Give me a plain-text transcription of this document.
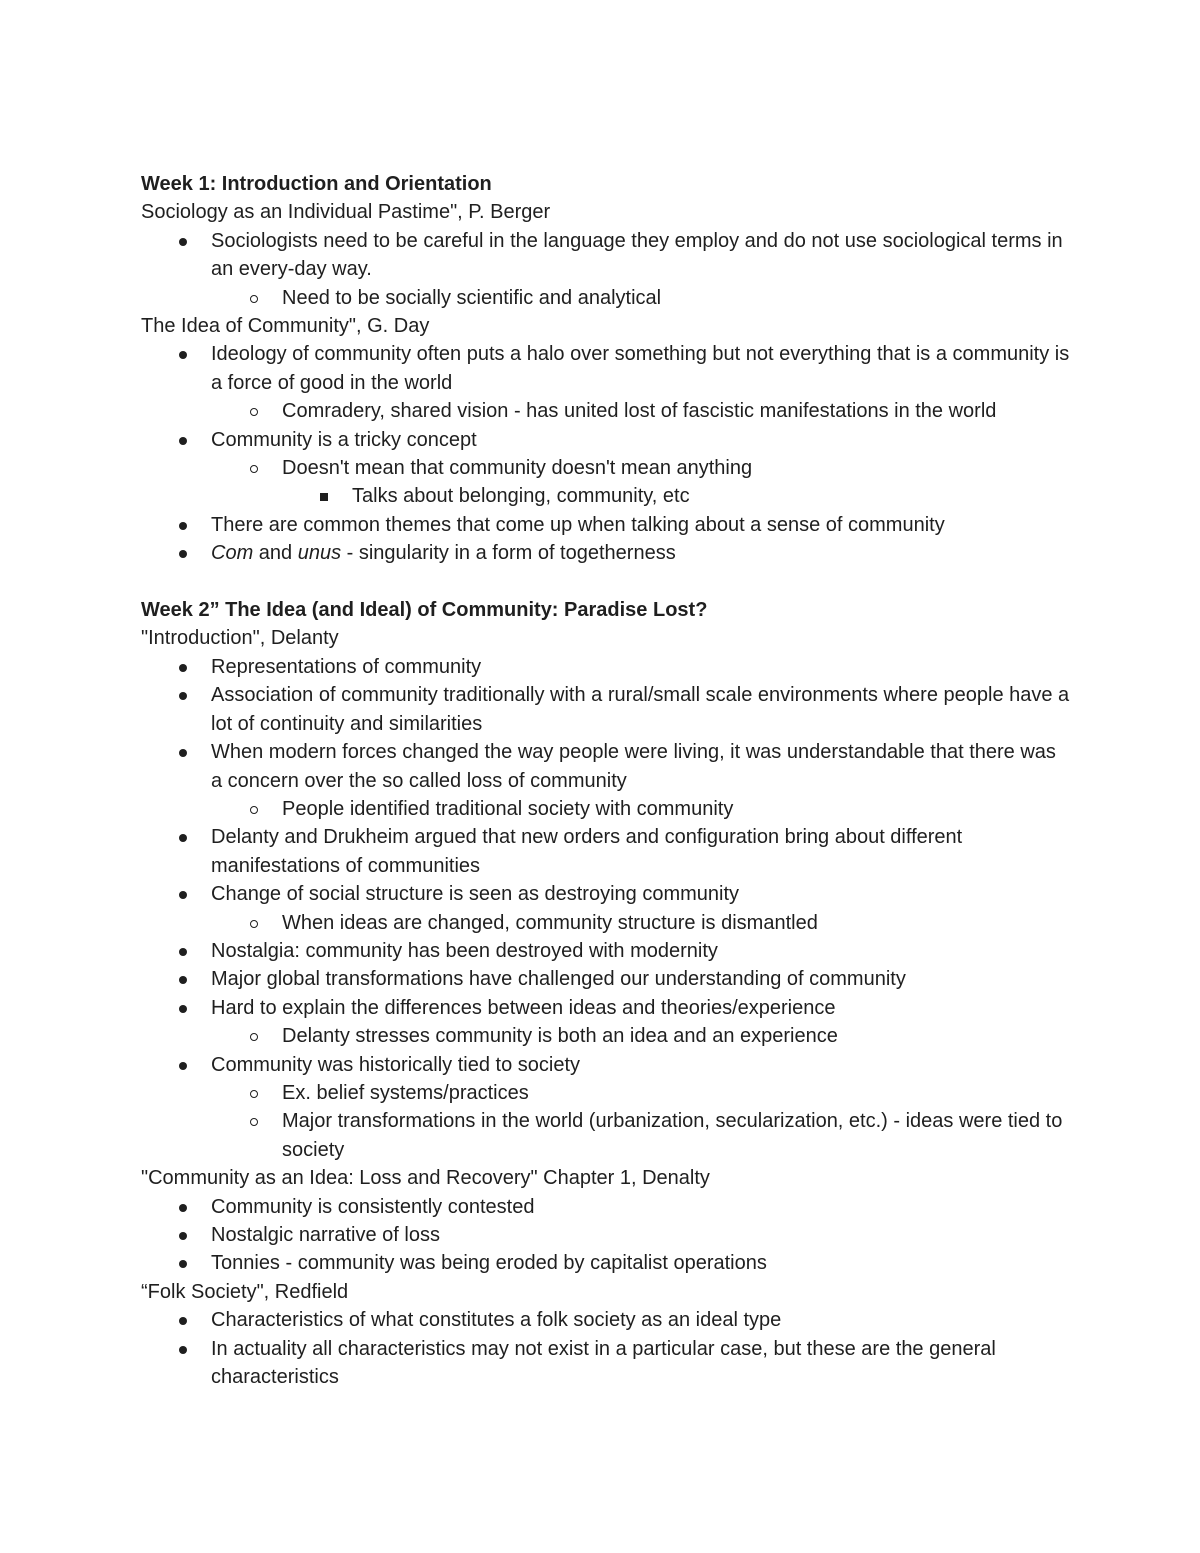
Week 1: Introduction and Orientation

Sociology as an Individual Pastime", P. Berger

Sociologists need to be careful in the language they employ and do not use sociological terms in an every-day way.
Need to be socially scientific and analytical

The Idea of Community", G. Day

Ideology of community often puts a halo over something but not everything that is a community is a force of good in the world
Comradery, shared vision - has united lost of fascistic manifestations in the world
Community is a tricky concept
Doesn't mean that community doesn't mean anything
Talks about belonging, community, etc
There are common themes that come up when talking about a sense of community
Com and unus - singularity in a form of togetherness

Week 2” The Idea (and Ideal) of Community: Paradise Lost?

"Introduction", Delanty

Representations of community
Association of community traditionally with a rural/small scale environments where people have a lot of continuity and similarities
When modern forces changed the way people were living, it was understandable that there was a concern over the so called loss of community
People identified traditional society with community
Delanty and Drukheim argued that new orders and configuration bring about different manifestations of communities
Change of social structure is seen as destroying community
When ideas are changed, community structure is dismantled
Nostalgia: community has been destroyed with modernity
Major global transformations have challenged our understanding of community
Hard to explain the differences between ideas and theories/experience
Delanty stresses community is both an idea and an experience
Community was historically tied to society
Ex. belief systems/practices
Major transformations in the world (urbanization, secularization, etc.) - ideas were tied to society

"Community as an Idea: Loss and Recovery" Chapter 1, Denalty

Community is consistently contested
Nostalgic narrative of loss
Tonnies - community was being eroded by capitalist operations

“Folk Society", Redfield

Characteristics of what constitutes a folk society as an ideal type
In actuality all characteristics may not exist in a particular case, but these are the general characteristics
